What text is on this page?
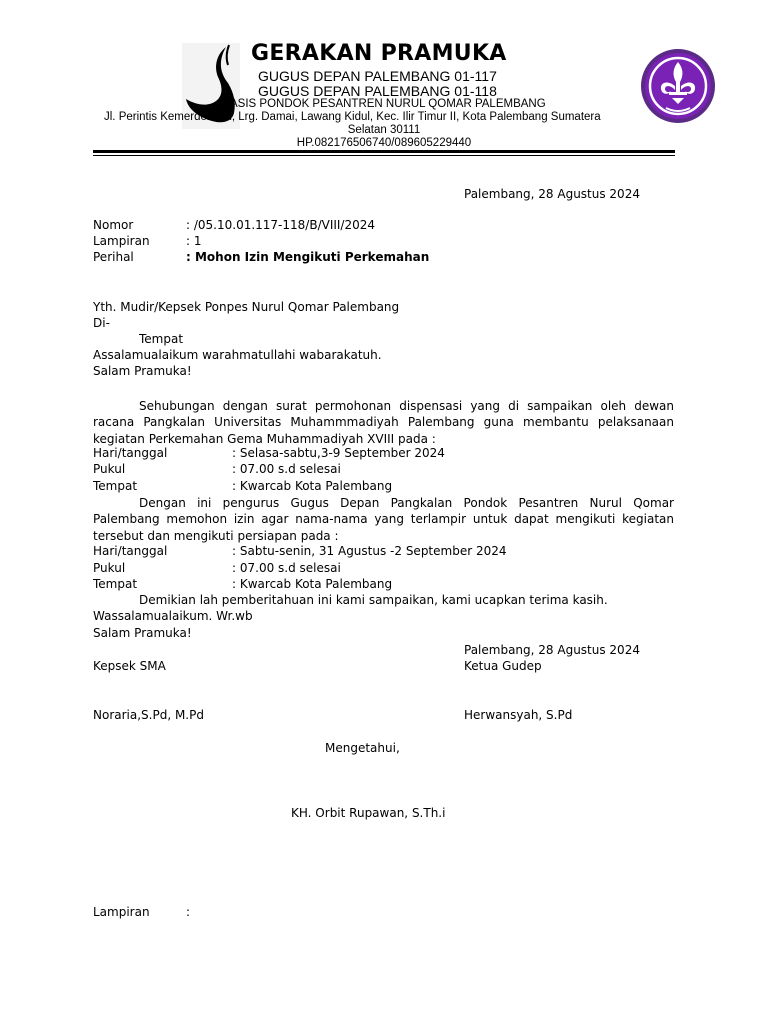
GERAKAN PRAMUKA
GUGUS DEPAN PALEMBANG 01-117
GUGUS DEPAN PALEMBANG 01-118
BASIS PONDOK PESANTREN NURUL QOMAR PALEMBANG
Jl. Perintis Kemerdekaan, Lrg. Damai, Lawang Kidul, Kec. Ilir Timur II, Kota Palembang Sumatera
Selatan 30111
HP.082176506740/089605229440
Palembang, 28 Agustus 2024
Nomor	: /05.10.01.117-118/B/VIII/2024
Lampiran	: 1
Perihal	: Mohon Izin Mengikuti Perkemahan
Yth. Mudir/Kepsek Ponpes Nurul Qomar Palembang
Di-
Tempat
Assalamualaikum warahmatullahi wabarakatuh.
Salam Pramuka!
Sehubungan dengan surat permohonan dispensasi yang di sampaikan oleh dewan racana Pangkalan Universitas Muhammmadiyah Palembang guna membantu pelaksanaan kegiatan Perkemahan Gema Muhammadiyah XVIII pada :
Hari/tanggal	: Selasa-sabtu,3-9 September 2024
Pukul	: 07.00 s.d selesai
Tempat	: Kwarcab Kota Palembang
Dengan ini pengurus Gugus Depan Pangkalan Pondok Pesantren Nurul Qomar Palembang memohon izin agar nama-nama yang terlampir untuk dapat mengikuti kegiatan tersebut dan mengikuti persiapan pada :
Hari/tanggal	: Sabtu-senin, 31 Agustus -2 September 2024
Pukul	: 07.00 s.d selesai
Tempat	: Kwarcab Kota Palembang
Demikian lah pemberitahuan ini kami sampaikan, kami ucapkan terima kasih.
Wassalamualaikum. Wr.wb
Salam Pramuka!
Palembang, 28 Agustus 2024
Kepsek SMA	Ketua Gudep
Noraria,S.Pd, M.Pd	Herwansyah, S.Pd
Mengetahui,
KH. Orbit Rupawan, S.Th.i
Lampiran	:
